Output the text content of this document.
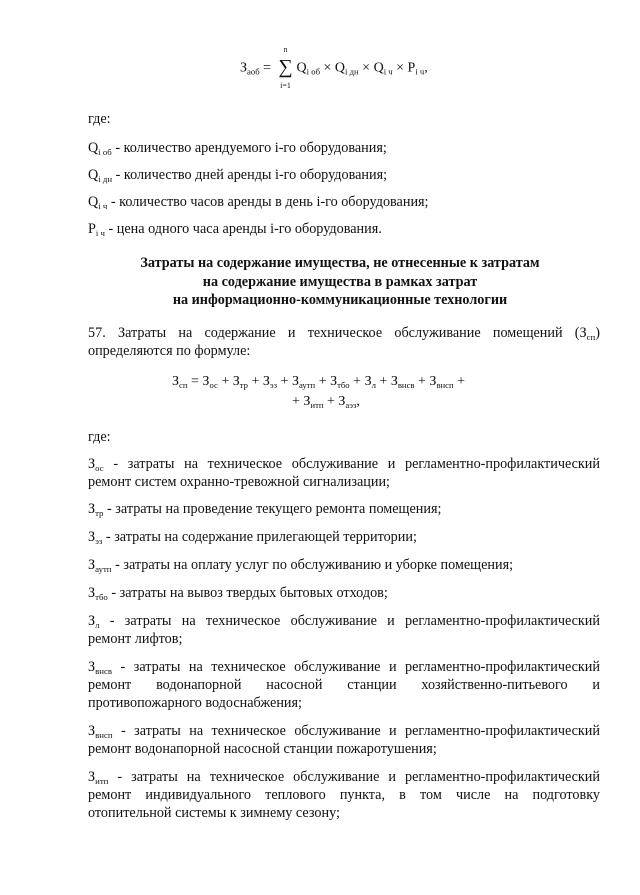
$З_{аоб}$ =
n
∑
i=1
$Q_{i об} \times Q_{i дн} \times Q_{i ч} \times P_{i ч}$,
где:
$Q_{i об}$ - количество арендуемого i-го оборудования;
$Q_{i дн}$ - количество дней аренды i-го оборудования;
$Q_{i ч}$ - количество часов аренды в день i-го оборудования;
$P_{i ч}$ - цена одного часа аренды i-го оборудования.
Затраты на содержание имущества, не отнесенные к затратам
на содержание имущества в рамках затрат
на информационно-коммуникационные технологии
57. Затраты на содержание и техническое обслуживание помещений $(З_{сп})$
определяются по формуле:
$З_{сп} = З_{ос} + З_{тр} + З_{эз} + З_{аутп} + З_{тбо} + З_л + З_{внсв} + З_{внсп}$ +
+ $З_{итп} + З_{аэз}$,
где:
$З_{ос}$ - затраты на техническое обслуживание и регламентно-профилактический
ремонт систем охранно-тревожной сигнализации;
$З_{тр}$ - затраты на проведение текущего ремонта помещения;
$З_{эз}$ - затраты на содержание прилегающей территории;
$З_{аутп}$ - затраты на оплату услуг по обслуживанию и уборке помещения;
$З_{тбо}$ - затраты на вывоз твердых бытовых отходов;
$З_л$ - затраты на техническое обслуживание и регламентно-профилактический
ремонт лифтов;
$З_{внсв}$ - затраты на техническое обслуживание и регламентно-профилактический
ремонт водонапорной насосной станции хозяйственно-питьевого и
противопожарного водоснабжения;
$З_{внсп}$ - затраты на техническое обслуживание и регламентно-профилактический
ремонт водонапорной насосной станции пожаротушения;
$З_{итп}$ - затраты на техническое обслуживание и регламентно-профилактический
ремонт индивидуального теплового пункта, в том числе на подготовку
отопительной системы к зимнему сезону;
